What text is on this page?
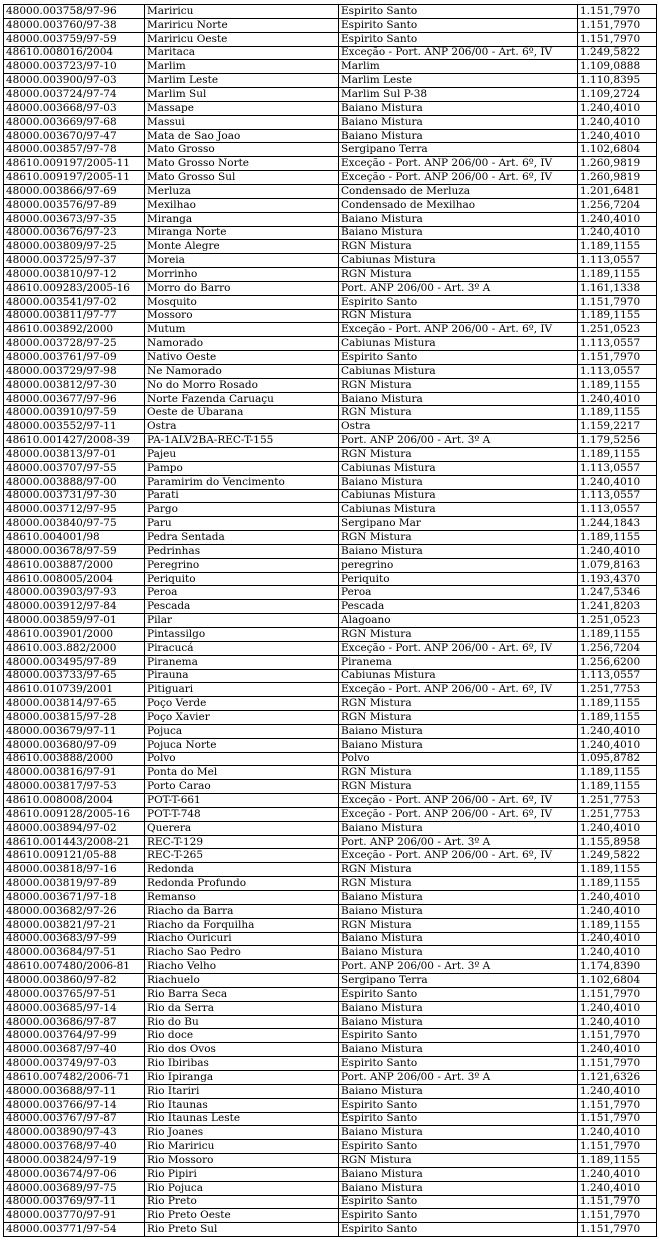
48000.003758/97-96	Mariricu	Espirito Santo	1.151,7970
48000.003760/97-38	Mariricu Norte	Espirito Santo	1.151,7970
48000.003759/97-59	Mariricu Oeste	Espirito Santo	1.151,7970
48610.008016/2004	Maritaca	Exceção - Port. ANP 206/00 - Art. 6º, IV	1.249,5822
48000.003723/97-10	Marlim	Marlim	1.109,0888
48000.003900/97-03	Marlim Leste	Marlim Leste	1.110,8395
48000.003724/97-74	Marlim Sul	Marlim Sul P-38	1.109,2724
48000.003668/97-03	Massape	Baiano Mistura	1.240,4010
48000.003669/97-68	Massui	Baiano Mistura	1.240,4010
48000.003670/97-47	Mata de Sao Joao	Baiano Mistura	1.240,4010
48000.003857/97-78	Mato Grosso	Sergipano Terra	1.102,6804
48610.009197/2005-11	Mato Grosso Norte	Exceção - Port. ANP 206/00 - Art. 6º, IV	1.260,9819
48610.009197/2005-11	Mato Grosso Sul	Exceção - Port. ANP 206/00 - Art. 6º, IV	1.260,9819
48000.003866/97-69	Merluza	Condensado de Merluza	1.201,6481
48000.003576/97-89	Mexilhao	Condensado de Mexilhao	1.256,7204
48000.003673/97-35	Miranga	Baiano Mistura	1.240,4010
48000.003676/97-23	Miranga Norte	Baiano Mistura	1.240,4010
48000.003809/97-25	Monte Alegre	RGN Mistura	1.189,1155
48000.003725/97-37	Moreia	Cabiunas Mistura	1.113,0557
48000.003810/97-12	Morrinho	RGN Mistura	1.189,1155
48610.009283/2005-16	Morro do Barro	Port. ANP 206/00 - Art. 3º A	1.161,1338
48000.003541/97-02	Mosquito	Espirito Santo	1.151,7970
48000.003811/97-77	Mossoro	RGN Mistura	1.189,1155
48610.003892/2000	Mutum	Exceção - Port. ANP 206/00 - Art. 6º, IV	1.251,0523
48000.003728/97-25	Namorado	Cabiunas Mistura	1.113,0557
48000.003761/97-09	Nativo Oeste	Espirito Santo	1.151,7970
48000.003729/97-98	Ne Namorado	Cabiunas Mistura	1.113,0557
48000.003812/97-30	No do Morro Rosado	RGN Mistura	1.189,1155
48000.003677/97-96	Norte Fazenda Caruaçu	Baiano Mistura	1.240,4010
48000.003910/97-59	Oeste de Ubarana	RGN Mistura	1.189,1155
48000.003552/97-11	Ostra	Ostra	1.159,2217
48610.001427/2008-39	PA-1ALV2BA-REC-T-155	Port. ANP 206/00 - Art. 3º A	1.179,5256
48000.003813/97-01	Pajeu	RGN Mistura	1.189,1155
48000.003707/97-55	Pampo	Cabiunas Mistura	1.113,0557
48000.003888/97-00	Paramirim do Vencimento	Baiano Mistura	1.240,4010
48000.003731/97-30	Parati	Cabiunas Mistura	1.113,0557
48000.003712/97-95	Pargo	Cabiunas Mistura	1.113,0557
48000.003840/97-75	Paru	Sergipano Mar	1.244,1843
48610.004001/98	Pedra Sentada	RGN Mistura	1.189,1155
48000.003678/97-59	Pedrinhas	Baiano Mistura	1.240,4010
48610.003887/2000	Peregrino	peregrino	1.079,8163
48610.008005/2004	Periquito	Periquito	1.193,4370
48000.003903/97-93	Peroa	Peroa	1.247,5346
48000.003912/97-84	Pescada	Pescada	1.241,8203
48000.003859/97-01	Pilar	Alagoano	1.251,0523
48610.003901/2000	Pintassilgo	RGN Mistura	1.189,1155
48610.003.882/2000	Piracucá	Exceção - Port. ANP 206/00 - Art. 6º, IV	1.256,7204
48000.003495/97-89	Piranema	Piranema	1.256,6200
48000.003733/97-65	Pirauna	Cabiunas Mistura	1.113,0557
48610.010739/2001	Pitiguari	Exceção - Port. ANP 206/00 - Art. 6º, IV	1.251,7753
48000.003814/97-65	Poço Verde	RGN Mistura	1.189,1155
48000.003815/97-28	Poço Xavier	RGN Mistura	1.189,1155
48000.003679/97-11	Pojuca	Baiano Mistura	1.240,4010
48000.003680/97-09	Pojuca Norte	Baiano Mistura	1.240,4010
48610.003888/2000	Polvo	Polvo	1.095,8782
48000.003816/97-91	Ponta do Mel	RGN Mistura	1.189,1155
48000.003817/97-53	Porto Carao	RGN Mistura	1.189,1155
48610.008008/2004	POT-T-661	Exceção - Port. ANP 206/00 - Art. 6º, IV	1.251,7753
48610.009128/2005-16	POT-T-748	Exceção - Port. ANP 206/00 - Art. 6º, IV	1.251,7753
48000.003894/97-02	Querera	Baiano Mistura	1.240,4010
48610.001443/2008-21	REC-T-129	Port. ANP 206/00 - Art. 3º A	1.155,8958
48610.009121/05-88	REC-T-265	Exceção - Port. ANP 206/00 - Art. 6º, IV	1.249,5822
48000.003818/97-16	Redonda	RGN Mistura	1.189,1155
48000.003819/97-89	Redonda Profundo	RGN Mistura	1.189,1155
48000.003671/97-18	Remanso	Baiano Mistura	1.240,4010
48000.003682/97-26	Riacho da Barra	Baiano Mistura	1.240,4010
48000.003821/97-21	Riacho da Forquilha	RGN Mistura	1.189,1155
48000.003683/97-99	Riacho Ouricuri	Baiano Mistura	1.240,4010
48000.003684/97-51	Riacho Sao Pedro	Baiano Mistura	1.240,4010
48610.007480/2006-81	Riacho Velho	Port. ANP 206/00 - Art. 3º A	1.174,8390
48000.003860/97-82	Riachuelo	Sergipano Terra	1.102,6804
48000.003765/97-51	Rio Barra Seca	Espirito Santo	1.151,7970
48000.003685/97-14	Rio da Serra	Baiano Mistura	1.240,4010
48000.003686/97-87	Rio do Bu	Baiano Mistura	1.240,4010
48000.003764/97-99	Rio doce	Espirito Santo	1.151,7970
48000.003687/97-40	Rio dos Ovos	Baiano Mistura	1.240,4010
48000.003749/97-03	Rio Ibiribas	Espirito Santo	1.151,7970
48610.007482/2006-71	Rio Ipiranga	Port. ANP 206/00 - Art. 3º A	1.121,6326
48000.003688/97-11	Rio Itariri	Baiano Mistura	1.240,4010
48000.003766/97-14	Rio Itaunas	Espirito Santo	1.151,7970
48000.003767/97-87	Rio Itaunas Leste	Espirito Santo	1.151,7970
48000.003890/97-43	Rio Joanes	Baiano Mistura	1.240,4010
48000.003768/97-40	Rio Mariricu	Espirito Santo	1.151,7970
48000.003824/97-19	Rio Mossoro	RGN Mistura	1.189,1155
48000.003674/97-06	Rio Pipiri	Baiano Mistura	1.240,4010
48000.003689/97-75	Rio Pojuca	Baiano Mistura	1.240,4010
48000.003769/97-11	Rio Preto	Espirito Santo	1.151,7970
48000.003770/97-91	Rio Preto Oeste	Espirito Santo	1.151,7970
48000.003771/97-54	Rio Preto Sul	Espirito Santo	1.151,7970
